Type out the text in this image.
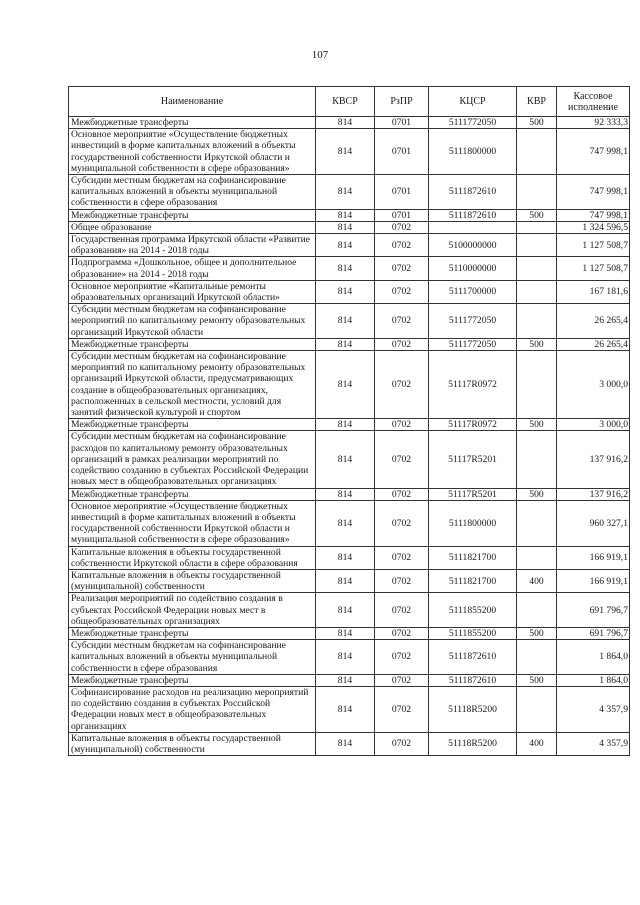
107
Наименование	КВСР	РзПР	КЦСР	КВР	Кассовое исполнение
Межбюджетные трансферты	814	0701	5111772050	500	92 333,3
Основное мероприятие «Осуществление бюджетных инвестиций в форме капитальных вложений в объекты государственной собственности Иркутской области и муниципальной собственности в сфере образования»	814	0701	5111800000		747 998,1
Субсидии местным бюджетам на софинансирование капитальных вложений в объекты муниципальной собственности в сфере образования	814	0701	5111872610		747 998,1
Межбюджетные трансферты	814	0701	5111872610	500	747 998,1
Общее образование	814	0702			1 324 596,5
Государственная программа Иркутской области «Развитие образования» на 2014 - 2018 годы	814	0702	5100000000		1 127 508,7
Подпрограмма «Дошкольное, общее и дополнительное образование» на 2014 - 2018 годы	814	0702	5110000000		1 127 508,7
Основное мероприятие «Капитальные ремонты образовательных организаций Иркутской области»	814	0702	5111700000		167 181,6
Субсидии местным бюджетам на софинансирование мероприятий по капитальному ремонту образовательных организаций Иркутской области	814	0702	5111772050		26 265,4
Межбюджетные трансферты	814	0702	5111772050	500	26 265,4
Субсидии местным бюджетам на софинансирование мероприятий по капитальному ремонту образовательных организаций Иркутской области, предусматривающих создание в общеобразовательных организациях, расположенных в сельской местности, условий для занятий физической культурой и спортом	814	0702	51117R0972		3 000,0
Межбюджетные трансферты	814	0702	51117R0972	500	3 000,0
Субсидии местным бюджетам на софинансирование расходов по капитальному ремонту образовательных организаций в рамках реализации мероприятий по содействию созданию в субъектах Российской Федерации новых мест в общеобразовательных организациях	814	0702	51117R5201		137 916,2
Межбюджетные трансферты	814	0702	51117R5201	500	137 916,2
Основное мероприятие «Осуществление бюджетных инвестиций в форме капитальных вложений в объекты государственной собственности Иркутской области и муниципальной собственности в сфере образования»	814	0702	5111800000		960 327,1
Капитальные вложения в объекты государственной собственности Иркутской области в сфере образования	814	0702	5111821700		166 919,1
Капитальные вложения в объекты государственной (муниципальной) собственности	814	0702	5111821700	400	166 919,1
Реализация мероприятий по содействию создания в субъектах Российской Федерации новых мест в общеобразовательных организациях	814	0702	5111855200		691 796,7
Межбюджетные трансферты	814	0702	5111855200	500	691 796,7
Субсидии местным бюджетам на софинансирование капитальных вложений в объекты муниципальной собственности в сфере образования	814	0702	5111872610		1 864,0
Межбюджетные трансферты	814	0702	5111872610	500	1 864,0
Софинансирование расходов на реализацию мероприятий по содействию создания в субъектах Российской Федерации новых мест в общеобразовательных организациях	814	0702	51118R5200		4 357,9
Капитальные вложения в объекты государственной (муниципальной) собственности	814	0702	51118R5200	400	4 357,9
